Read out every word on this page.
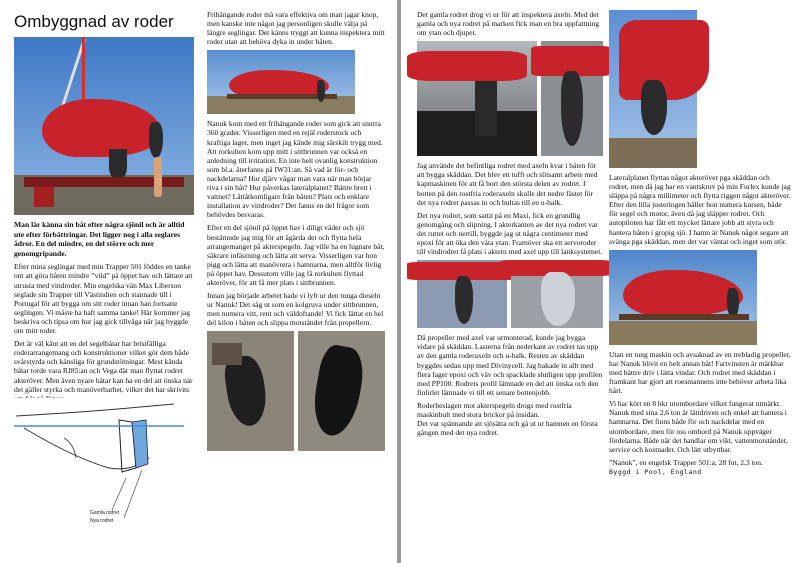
Ombyggnad av roder

Man lär känna sin båt efter några sjönil och är alltid ute efter förbättringar. Det ligger nog i alla seglares ådror. En del mindre, en del större och mer genomgripande.

Efter mina seglingar med min Trapper 501 föddes en tanke om att göra båten mindre ”vild” på öppet hav och lättare att utrusta med vindroder. Min engelska vän Max Liberson seglade sin Trapper till Västindien och stannade till i Portugal för att bygga om sitt roder innan han fortsatte seglingen. Vi måste ha haft samma tanke! Här kommer jag beskriva och tipsa om hur jag gick tillväga när jag byggde om mitt roder.

Det är väl känt att en del segelbåtar har bristfälliga roderarrangemang och konstruktioner vilket gör dem både svårstyrda och känsliga för grundstötningar. Mest kända båtar torde vara RJ85:an och Vega där man flyttat rodret akteröver. Men även nyare båtar kan ha en del att önska när det gäller styrka och manöverbarhet, vilket det har skrivits

Gamla rodret
Nya rodret

Frihängande roder må vara effektiva om man jagar knop, men kanske inte något jag personligen skulle välja på längre seglingar. Det känns tryggt att kunna inspektera mitt roder utan att behöva dyka in under båten.

Nanuk kom med ett frihängande roder som gick att snurra 360 grader. Visserligen med en rejäl roderstock och kraftiga lager, men inget jag kände mig särskilt trygg med. Att rorkulten kom upp mitt i sittbrunnen var också en anledning till irritation. En inte helt ovanlig konstruktion som bl.a. återfanns på IW31:an. Så vad är för- och nackdelarna? Hur djärv vågar man vara när man börjar riva i sin båt? Hur påverkas lateralplanet? Bättre brett i vattnet? Låttåtkomligare från båten? Plats och enklare installation av vindroder? Det fanns en del frågor som behövdes besvaras.

Efter en del sjönil på öppet hav i diligt väder och sjö bestämnde jag mig för att ägärda det och flytta hela arrangemanget på akterspegeln. Jag ville ha en lugnare båt, säkrare infästning och lätta att serva. Visserligen var hon pigg och lätta att manövrera i hamnarna, men alltför livlig på öppet hav. Dessutom ville jag få rorkulten flyttad akteröver, för att få mer plats i sittbrunnen.

Innan jag började arbetet hade vi lyft ur den tunga dieseln ur Nanuk! Det såg ut som en kolgruva under sittbrunnen, men numera vitt, rent och väldoftande! Vi fick lättat en hel del kilon i båten och slippa motståndet från propellern.

Det gamla rodret drog vi ur för att inspektera axeln. Med det gamla och nya rodret på marken fick man en bra uppfattning om ytan och djupet.

Jag använde det befintliga rodret med axeln kvar i båten för att bygga skäddan. Det blev ett tufft och slitsamt arbete med kapmaskinen för att få bort den största delen av rodret. I botten på den rostfria roderaxeln skulle det nedre fästet för det nya rodret passas in och bultas till en u-balk.

Det nya rodret, som sattit på en Maxi, fick en grundlig genomgång och slipning. I akterkanten av det nya rodret var det ruttet och nertill, byggde jag ut några centimeter med epoxi för att öka den våta ytan. Framöver ska ett servoroder till vindrodret få plats i aktern med axel upp till lanksystemet.

Då propeller med axel var urmonterad, kunde jag bygga vidare på skäddan. Lasterna från nederkant av rodret tas upp av den gamla roderaxeln och u-balk. Resten av skäddan byggdes sedan upp med Divinycell. Jag bakade in allt med flera lager epoxi och väv och spacklade slutligen upp profilen med PP100. Rodrets profil lämnade en del att önska och den finlirlet lämnade vi till ett senare bottenjobb.

Roderbeslagen mot akterspegeln drogs med rostfria maskinbult med stora brickor på insidan.
Det var spännande att sjösätta och gå ut ur hamnen en första gången med det nya rodret.

Lateralplanet flyttas något akteröver pga skäddan och rodret, men då jag har en vantskruv på min Furlex kunde jag släppa på några millimeter och flytta riggen något akteröver. Efter den lilla justeringen håller hon numera kursen, både för segel och motor, även då jag släpper rodret. Och autopiloten har fått ett mycket lättare jobb att styra och hantera båten i gropig sjö. I hamn är Nanuk något segare att svänga pga skäddan, men det var väntat och inget som stör.

Utan en tung maskin och avsaknad av en trebladig propeller, har Nanuk blivit en helt annan båt! Fartvinsten är märkbar med bättre driv i lätta vindar. Och rodret med skäddan i framkant har gjort att roesmannens inte behöver arbeta lika hårt.

Vi har kört en 8 hkr utombordare vilket fungerat utmärkt. Nanuk med sina 2,6 ton är lättdriven och enkel att hantera i hamnarna. Det finns både för och nackdelar med en utombordare, men för oss ombord på Nanuk uppväger fördelarna. Både när det handlar om vikt, vattenmotståndet, service och kostnader. Och lätt utbyttbar.

”Nanuk”, en engelsk Trapper 501:a, 28 fot, 2,3 ton.

Byggd i Pool, England
